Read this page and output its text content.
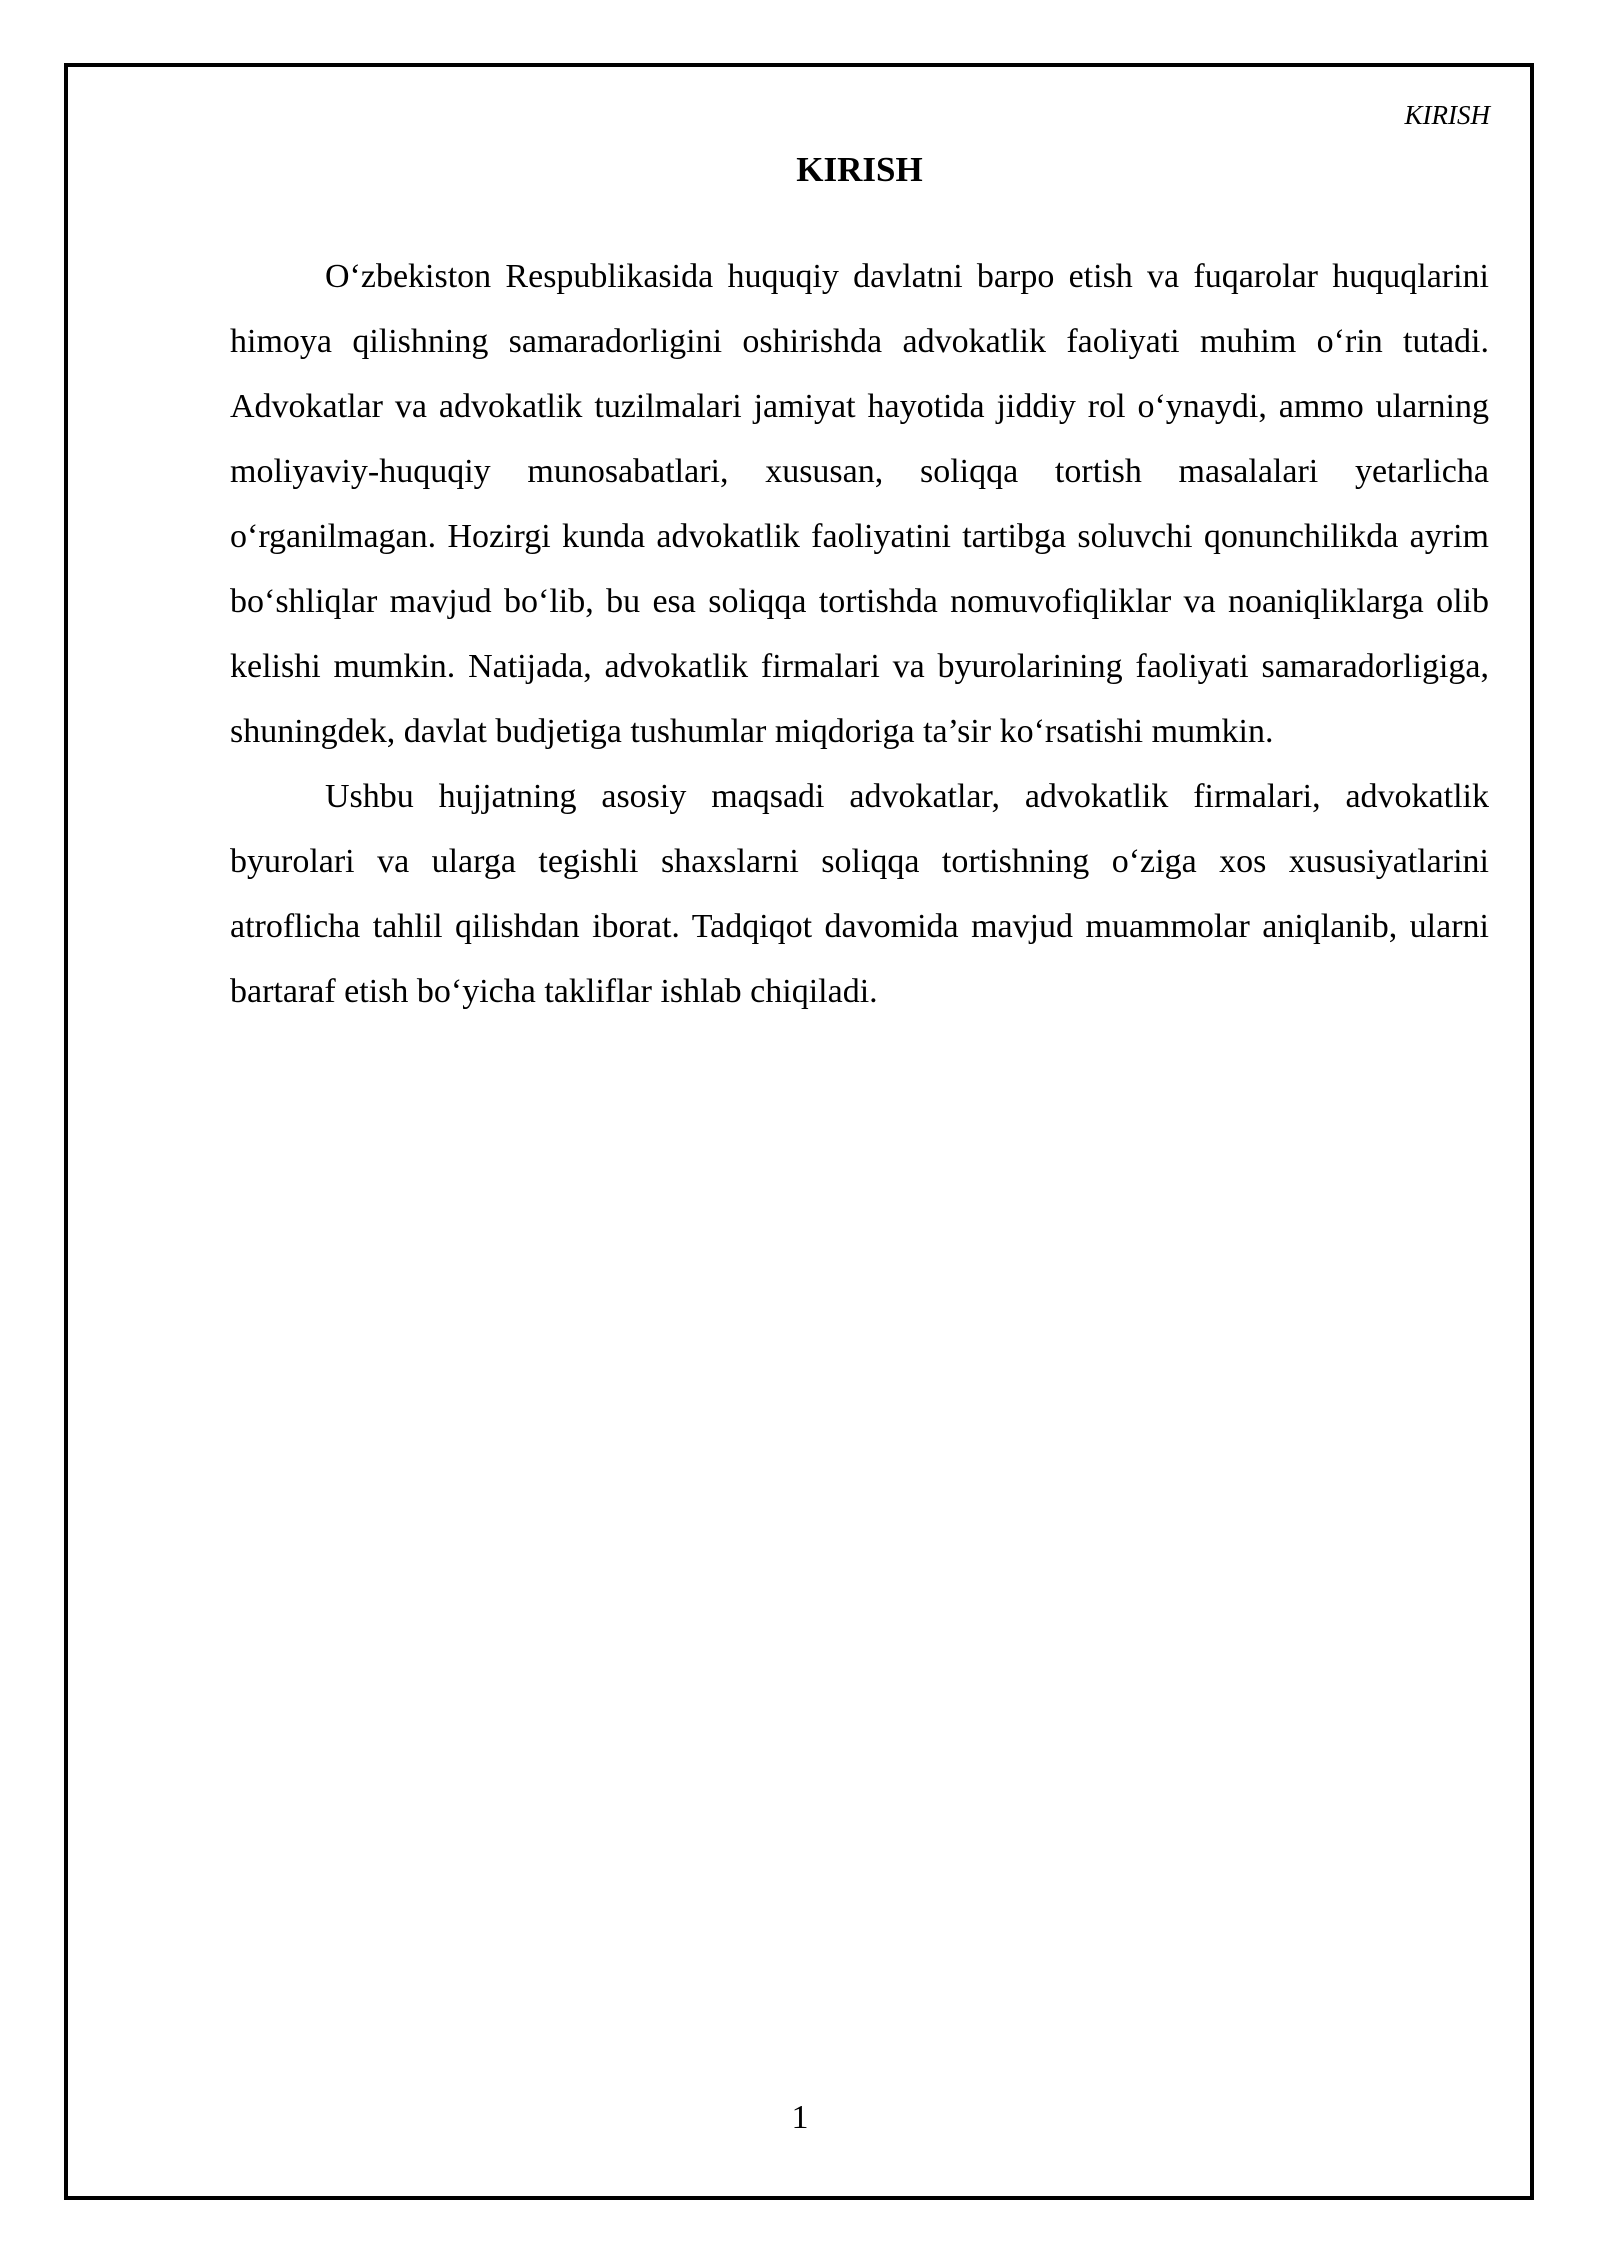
KIRISH
KIRISH

O‘zbekiston Respublikasida huquqiy davlatni barpo etish va fuqarolar huquqlarini himoya qilishning samaradorligini oshirishda advokatlik faoliyati muhim o‘rin tutadi. Advokatlar va advokatlik tuzilmalari jamiyat hayotida jiddiy rol o‘ynaydi, ammo ularning moliyaviy-huquqiy munosabatlari, xususan, soliqqa tortish masalalari yetarlicha o‘rganilmagan. Hozirgi kunda advokatlik faoliyatini tartibga soluvchi qonunchilikda ayrim bo‘shliqlar mavjud bo‘lib, bu esa soliqqa tortishda nomuvofiqliklar va noaniqliklarga olib kelishi mumkin. Natijada, advokatlik firmalari va byurolarining faoliyati samaradorligiga, shuningdek, davlat budjetiga tushumlar miqdoriga ta’sir ko‘rsatishi mumkin.

Ushbu hujjatning asosiy maqsadi advokatlar, advokatlik firmalari, advokatlik byurolari va ularga tegishli shaxslarni soliqqa tortishning o‘ziga xos xususiyatlarini atroflicha tahlil qilishdan iborat. Tadqiqot davomida mavjud muammolar aniqlanib, ularni bartaraf etish bo‘yicha takliflar ishlab chiqiladi.

1
